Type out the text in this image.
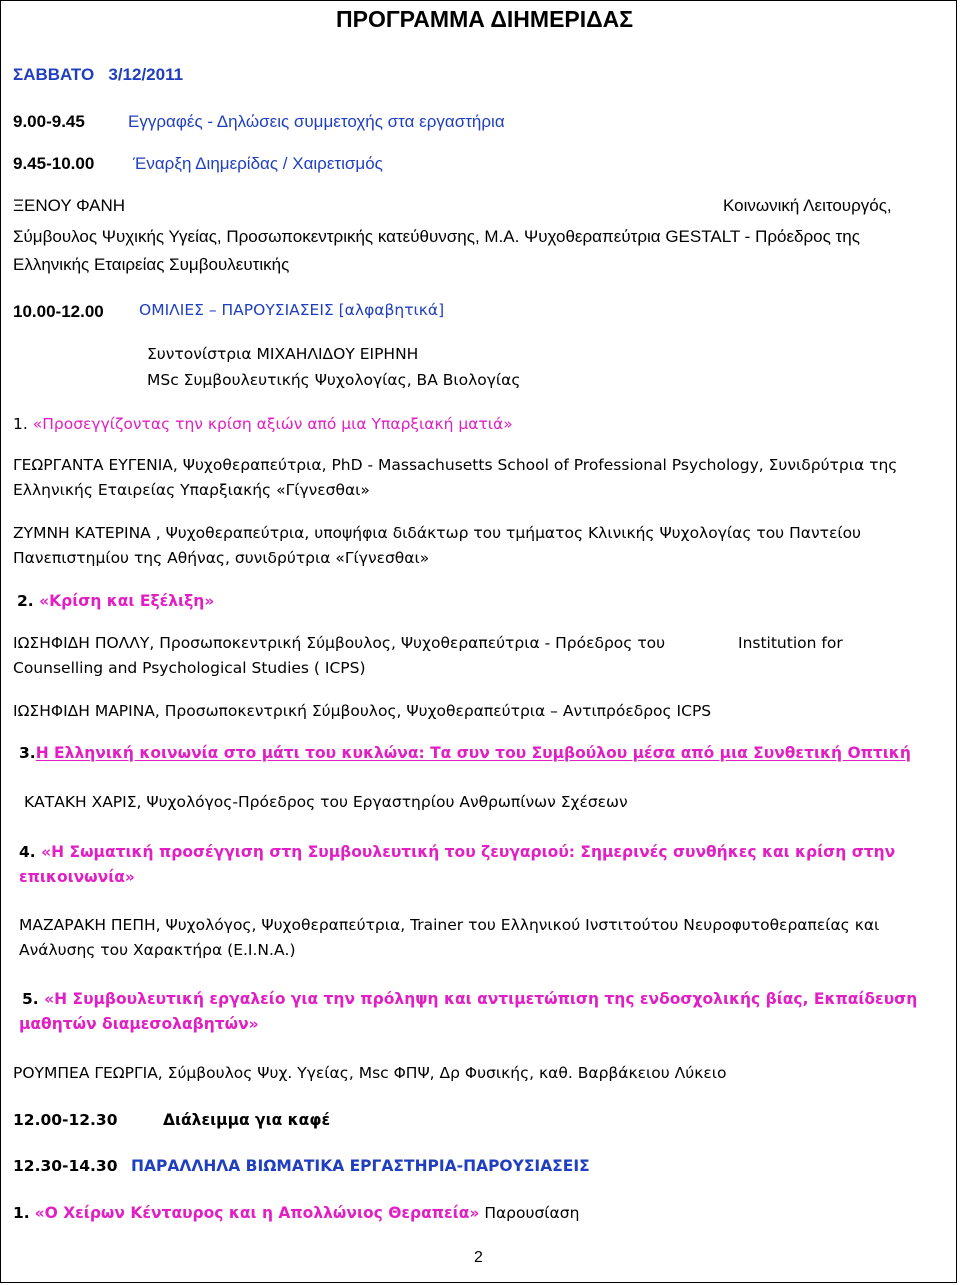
ΠΡΟΓΡΑΜΜΑ ΔΙΗΜΕΡΙΔΑΣ
ΣΑΒΒΑΤΟ 3/12/2011
9.00-9.45	Εγγραφές - Δηλώσεις συμμετοχής στα εργαστήρια
9.45-10.00 Έναρξη Διημερίδας / Χαιρετισμός
ΞΕΝΟΥ ΦΑΝΗ	Κοινωνική Λειτουργός,
Σύμβουλος Ψυχικής Υγείας, Προσωποκεντρικής κατεύθυνσης, Μ.Α. Ψυχοθεραπεύτρια GESTALT - Πρόεδρος της
Ελληνικής Εταιρείας Συμβουλευτικής
10.00-12.00 ΟΜΙΛΙΕΣ – ΠΑΡΟΥΣΙΑΣΕΙΣ [αλφαβητικά]
Συντονίστρια ΜΙΧΑΗΛΙΔΟΥ ΕΙΡΗΝΗ
MSc Συμβουλευτικής Ψυχολογίας, ΒΑ Βιολογίας
1. «Προσεγγίζοντας την κρίση αξιών από μια Υπαρξιακή ματιά»
ΓΕΩΡΓΑΝΤΑ ΕΥΓΕΝΙΑ, Ψυχοθεραπεύτρια, PhD - Massachusetts School of Professional Psychology, Συνιδρύτρια της
Ελληνικής Εταιρείας Υπαρξιακής «Γίγνεσθαι»
ΖΥΜΝΗ ΚΑΤΕΡΙΝΑ , Ψυχοθεραπεύτρια, υποψήφια διδάκτωρ του τμήματος Κλινικής Ψυχολογίας του Παντείου
Πανεπιστημίου της Αθήνας, συνιδρύτρια «Γίγνεσθαι»
2. «Κρίση και Εξέλιξη»
ΙΩΣΗΦΙΔΗ ΠΟΛΛΥ, Προσωποκεντρική Σύμβουλος, Ψυχοθεραπεύτρια - Πρόεδρος του	Institution for
Counselling and Psychological Studies ( ICPS)
ΙΩΣΗΦΙΔΗ ΜΑΡΙΝΑ, Προσωποκεντρική Σύμβουλος, Ψυχοθεραπεύτρια – Αντιπρόεδρος ICPS
3.Η Ελληνική κοινωνία στο μάτι του κυκλώνα: Τα συν του Συμβούλου μέσα από μια Συνθετική Οπτική
ΚΑΤΑΚΗ ΧΑΡΙΣ, Ψυχολόγος-Πρόεδρος του Εργαστηρίου Ανθρωπίνων Σχέσεων
4. «Η Σωματική προσέγγιση στη Συμβουλευτική του ζευγαριού: Σημερινές συνθήκες και κρίση στην
επικοινωνία»
ΜΑΖΑΡΑΚΗ ΠΕΠΗ, Ψυχολόγος, Ψυχοθεραπεύτρια, Trainer του Ελληνικού Ινστιτούτου Νευροφυτοθεραπείας και
Ανάλυσης του Χαρακτήρα (Ε.Ι.Ν.Α.)
5. «Η Συμβουλευτική εργαλείο για την πρόληψη και αντιμετώπιση της ενδοσχολικής βίας, Εκπαίδευση
μαθητών διαμεσολαβητών»
ΡΟΥΜΠΕΑ ΓΕΩΡΓΙΑ, Σύμβουλος Ψυχ. Υγείας, Msc ΦΠΨ, Δρ Φυσικής, καθ. Βαρβάκειου Λύκειο
12.00-12.30	Διάλειμμα για καφέ
12.30-14.30 ΠΑΡΑΛΛΗΛΑ ΒΙΩΜΑΤΙΚΑ ΕΡΓΑΣΤΗΡΙΑ-ΠΑΡΟΥΣΙΑΣΕΙΣ
1. «Ο Χείρων Κένταυρος και η Απολλώνιος Θεραπεία» Παρουσίαση
2
